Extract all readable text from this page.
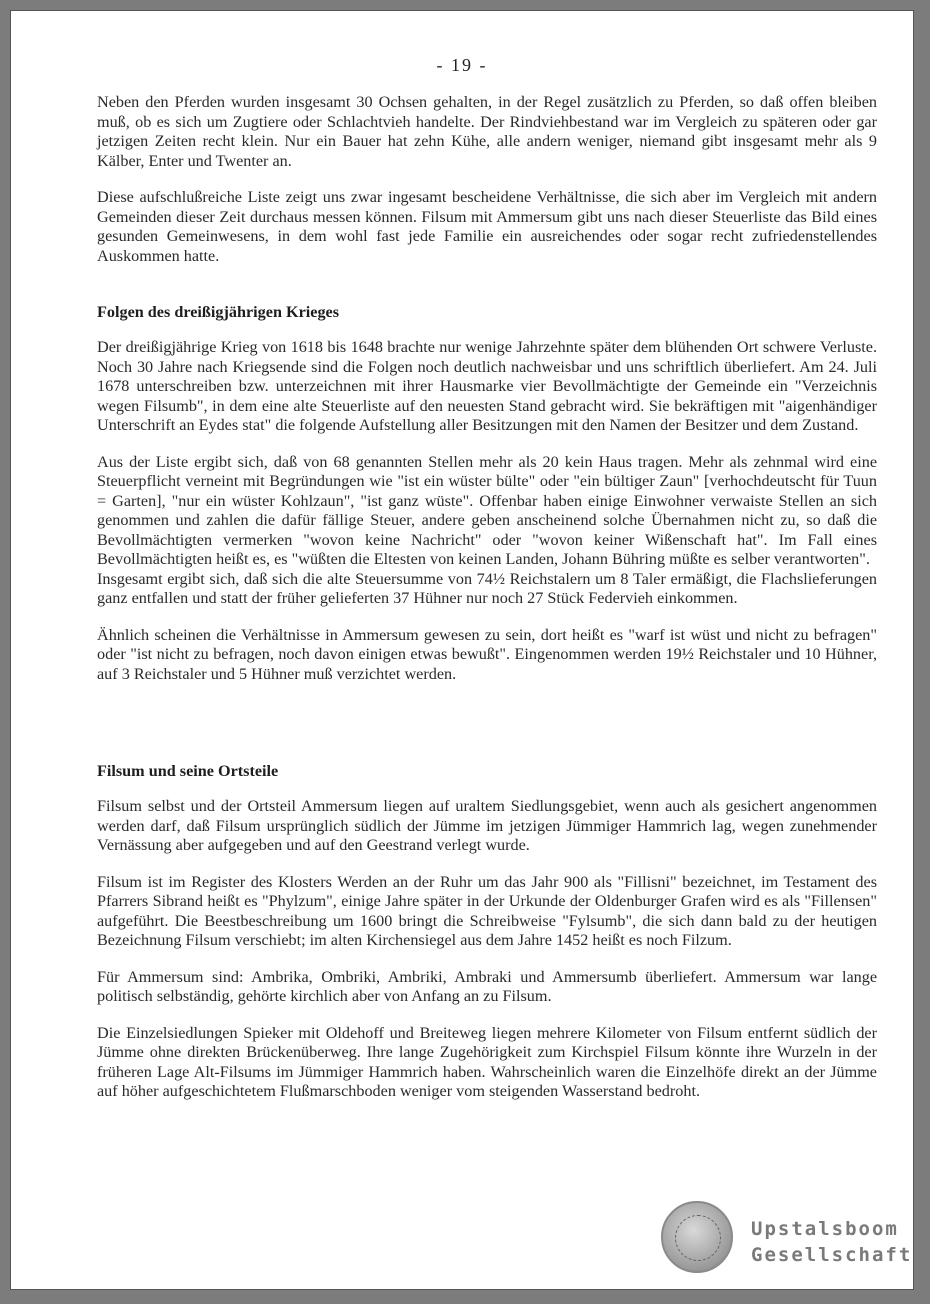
- 19 -

Neben den Pferden wurden insgesamt 30 Ochsen gehalten, in der Regel zusätzlich zu Pferden, so daß offen bleiben muß, ob es sich um Zugtiere oder Schlachtvieh handelte. Der Rindviehbestand war im Vergleich zu späteren oder gar jetzigen Zeiten recht klein. Nur ein Bauer hat zehn Kühe, alle andern weniger, niemand gibt insgesamt mehr als 9 Kälber, Enter und Twenter an.

Diese aufschlußreiche Liste zeigt uns zwar ingesamt bescheidene Verhältnisse, die sich aber im Vergleich mit andern Gemeinden dieser Zeit durchaus messen können. Filsum mit Ammersum gibt uns nach dieser Steuerliste das Bild eines gesunden Gemeinwesens, in dem wohl fast jede Familie ein ausreichendes oder sogar recht zufriedenstellendes Auskommen hatte.

Folgen des dreißigjährigen Krieges

Der dreißigjährige Krieg von 1618 bis 1648 brachte nur wenige Jahrzehnte später dem blühenden Ort schwere Verluste. Noch 30 Jahre nach Kriegsende sind die Folgen noch deutlich nachweisbar und uns schriftlich überliefert. Am 24. Juli 1678 unterschreiben bzw. unterzeichnen mit ihrer Hausmarke vier Bevollmächtigte der Gemeinde ein "Verzeichnis wegen Filsumb", in dem eine alte Steuerliste auf den neuesten Stand gebracht wird. Sie bekräftigen mit "aigenhändiger Unterschrift an Eydes stat" die folgende Aufstellung aller Besitzungen mit den Namen der Besitzer und dem Zustand.

Aus der Liste ergibt sich, daß von 68 genannten Stellen mehr als 20 kein Haus tragen. Mehr als zehnmal wird eine Steuerpflicht verneint mit Begründungen wie "ist ein wüster bülte" oder "ein bültiger Zaun" [verhochdeutscht für Tuun = Garten], "nur ein wüster Kohlzaun", "ist ganz wüste". Offenbar haben einige Einwohner verwaiste Stellen an sich genommen und zahlen die dafür fällige Steuer, andere geben anscheinend solche Übernahmen nicht zu, so daß die Bevollmächtigten vermerken "wovon keine Nachricht" oder "wovon keiner Wißenschaft hat". Im Fall eines Bevollmächtigten heißt es, es "wüßten die Eltesten von keinen Landen, Johann Bühring müßte es selber verantworten".

Insgesamt ergibt sich, daß sich die alte Steuersumme von 74½ Reichstalern um 8 Taler ermäßigt, die Flachslieferungen ganz entfallen und statt der früher gelieferten 37 Hühner nur noch 27 Stück Federvieh einkommen.

Ähnlich scheinen die Verhältnisse in Ammersum gewesen zu sein, dort heißt es "warf ist wüst und nicht zu befragen" oder "ist nicht zu befragen, noch davon einigen etwas bewußt". Eingenommen werden 19½ Reichstaler und 10 Hühner, auf 3 Reichstaler und 5 Hühner muß verzichtet werden.

Filsum und seine Ortsteile

Filsum selbst und der Ortsteil Ammersum liegen auf uraltem Siedlungsgebiet, wenn auch als gesichert angenommen werden darf, daß Filsum ursprünglich südlich der Jümme im jetzigen Jümmiger Hammrich lag, wegen zunehmender Vernässung aber aufgegeben und auf den Geestrand verlegt wurde.

Filsum ist im Register des Klosters Werden an der Ruhr um das Jahr 900 als "Fillisni" bezeichnet, im Testament des Pfarrers Sibrand heißt es "Phylzum", einige Jahre später in der Urkunde der Oldenburger Grafen wird es als "Fillensen" aufgeführt. Die Beestbeschreibung um 1600 bringt die Schreibweise "Fylsumb", die sich dann bald zu der heutigen Bezeichnung Filsum verschiebt; im alten Kirchensiegel aus dem Jahre 1452 heißt es noch Filzum.

Für Ammersum sind: Ambrika, Ombriki, Ambriki, Ambraki und Ammersumb überliefert. Ammersum war lange politisch selbständig, gehörte kirchlich aber von Anfang an zu Filsum.

Die Einzelsiedlungen Spieker mit Oldehoff und Breiteweg liegen mehrere Kilometer von Filsum entfernt südlich der Jümme ohne direkten Brückenüberweg. Ihre lange Zugehörigkeit zum Kirchspiel Filsum könnte ihre Wurzeln in der früheren Lage Alt-Filsums im Jümmiger Hammrich haben. Wahrscheinlich waren die Einzelhöfe direkt an der Jümme auf höher aufgeschichtetem Flußmarschboden weniger vom steigenden Wasserstand bedroht.

Upstalsboom
Gesellschaft
